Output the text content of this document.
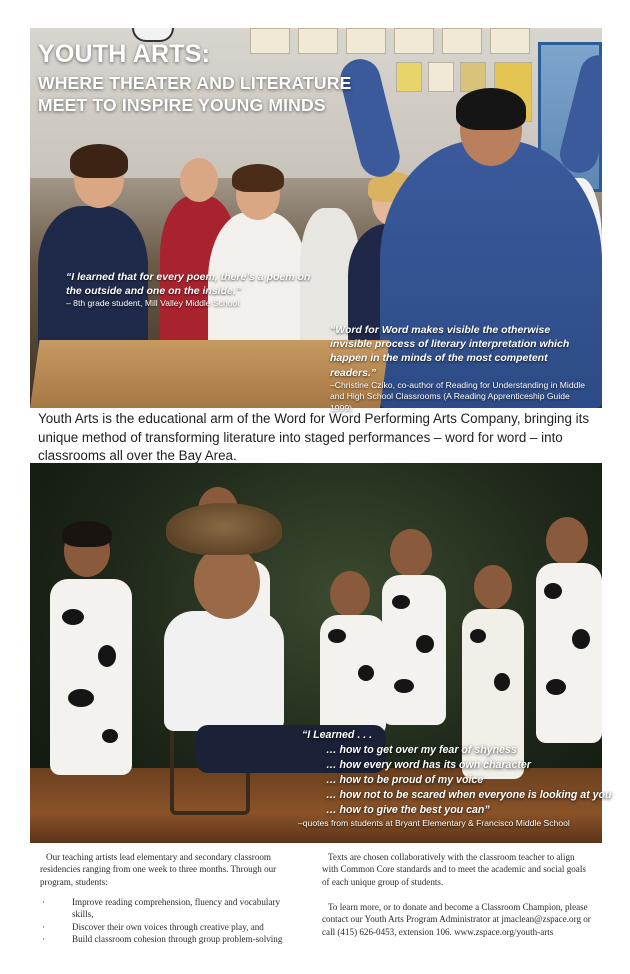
YOUTH ARTS:
WHERE THEATER AND LITERATURE
MEET TO INSPIRE YOUNG MINDS
“I learned that for every poem, there’s a poem on the outside and one on the inside.”
– 8th grade student, Mill Valley Middle School
“Word for Word makes visible the otherwise invisible process of literary interpretation which happen in the minds of the most competent readers.”
–Christine Cziko, co-author of Reading for Understanding in Middle and High School Classrooms (A Reading Apprenticeship Guide 1999)

Youth Arts is the educational arm of the Word for Word Performing Arts Company, bringing its unique method of transforming literature into staged performances – word for word – into classrooms all over the Bay Area.

“I Learned . . .
… how to get over my fear of shyness
… how every word has its own character
… how to be proud of my voice
… how not to be scared when everyone is looking at you
… how to give the best you can”
–quotes from students at Bryant Elementary & Francisco Middle School

Our teaching artists lead elementary and secondary classroom residencies ranging from one week to three months. Through our program, students:

· Improve reading comprehension, fluency and vocabulary skills,
· Discover their own voices through creative play, and
· Build classroom cohesion through group problem-solving

Texts are chosen collaboratively with the classroom teacher to align with Common Core standards and to meet the academic and social goals of each unique group of students.

To learn more, or to donate and become a Classroom Champion, please contact our Youth Arts Program Administrator at jmaclean@zspace.org or call (415) 626-0453, extension 106. www.zspace.org/youth-arts
